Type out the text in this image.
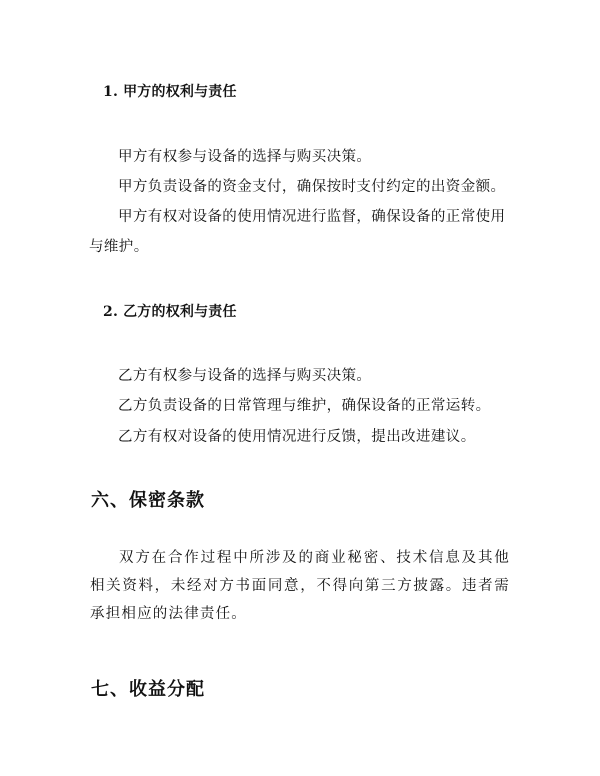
1. 甲方的权利与责任
甲方有权参与设备的选择与购买决策。
甲方负责设备的资金支付，确保按时支付约定的出资金额。
甲方有权对设备的使用情况进行监督，确保设备的正常使用
与维护。
2. 乙方的权利与责任
乙方有权参与设备的选择与购买决策。
乙方负责设备的日常管理与维护，确保设备的正常运转。
乙方有权对设备的使用情况进行反馈，提出改进建议。
六、保密条款
双方在合作过程中所涉及的商业秘密、技术信息及其他相关资料，未经对方书面同意，不得向第三方披露。违者需承担相应的法律责任。
七、收益分配
